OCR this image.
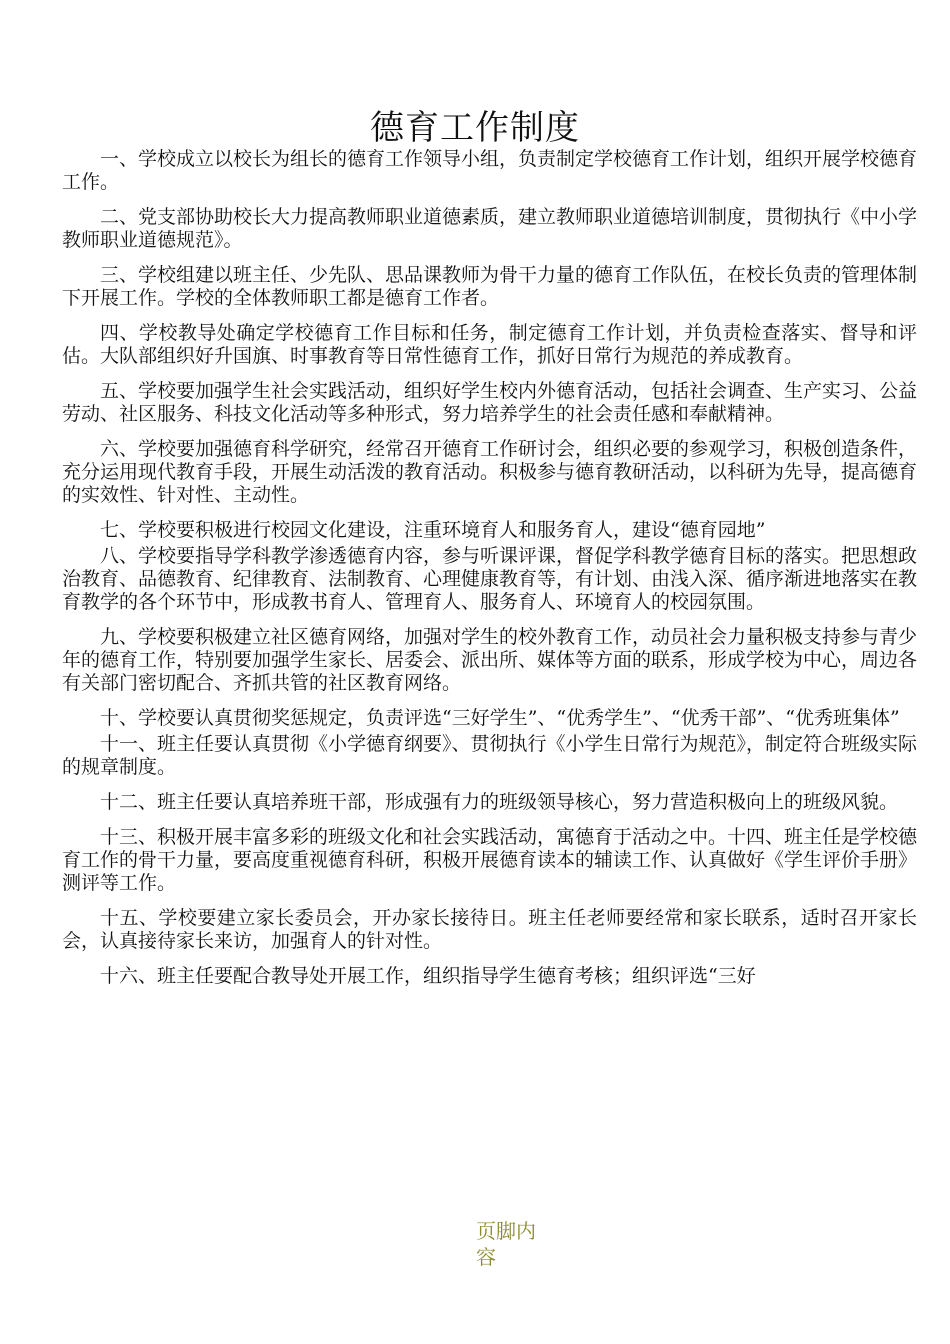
德育工作制度

一、学校成立以校长为组长的德育工作领导小组，负责制定学校德育工作计划，组织开展学校德育工作。

二、党支部协助校长大力提高教师职业道德素质，建立教师职业道德培训制度，贯彻执行《中小学教师职业道德规范》。

三、学校组建以班主任、少先队、思品课教师为骨干力量的德育工作队伍，在校长负责的管理体制下开展工作。学校的全体教师职工都是德育工作者。

四、学校教导处确定学校德育工作目标和任务，制定德育工作计划，并负责检查落实、督导和评估。大队部组织好升国旗、时事教育等日常性德育工作，抓好日常行为规范的养成教育。

五、学校要加强学生社会实践活动，组织好学生校内外德育活动，包括社会调查、生产实习、公益劳动、社区服务、科技文化活动等多种形式，努力培养学生的社会责任感和奉献精神。

六、学校要加强德育科学研究，经常召开德育工作研讨会，组织必要的参观学习，积极创造条件，充分运用现代教育手段，开展生动活泼的教育活动。积极参与德育教研活动，以科研为先导，提高德育的实效性、针对性、主动性。

七、学校要积极进行校园文化建设，注重环境育人和服务育人，建设“德育园地”

八、学校要指导学科教学渗透德育内容，参与听课评课，督促学科教学德育目标的落实。把思想政治教育、品德教育、纪律教育、法制教育、心理健康教育等，有计划、由浅入深、循序渐进地落实在教育教学的各个环节中，形成教书育人、管理育人、服务育人、环境育人的校园氛围。

九、学校要积极建立社区德育网络，加强对学生的校外教育工作，动员社会力量积极支持参与青少年的德育工作，特别要加强学生家长、居委会、派出所、媒体等方面的联系，形成学校为中心，周边各有关部门密切配合、齐抓共管的社区教育网络。

十、学校要认真贯彻奖惩规定，负责评选“三好学生”、“优秀学生”、“优秀干部”、“优秀班集体”

十一、班主任要认真贯彻《小学德育纲要》、贯彻执行《小学生日常行为规范》，制定符合班级实际的规章制度。

十二、班主任要认真培养班干部，形成强有力的班级领导核心，努力营造积极向上的班级风貌。

十三、积极开展丰富多彩的班级文化和社会实践活动，寓德育于活动之中。十四、班主任是学校德育工作的骨干力量，要高度重视德育科研，积极开展德育读本的辅读工作、认真做好《学生评价手册》测评等工作。

十五、学校要建立家长委员会，开办家长接待日。班主任老师要经常和家长联系，适时召开家长会，认真接待家长来访，加强育人的针对性。

十六、班主任要配合教导处开展工作，组织指导学生德育考核；组织评选“三好

页脚内容
